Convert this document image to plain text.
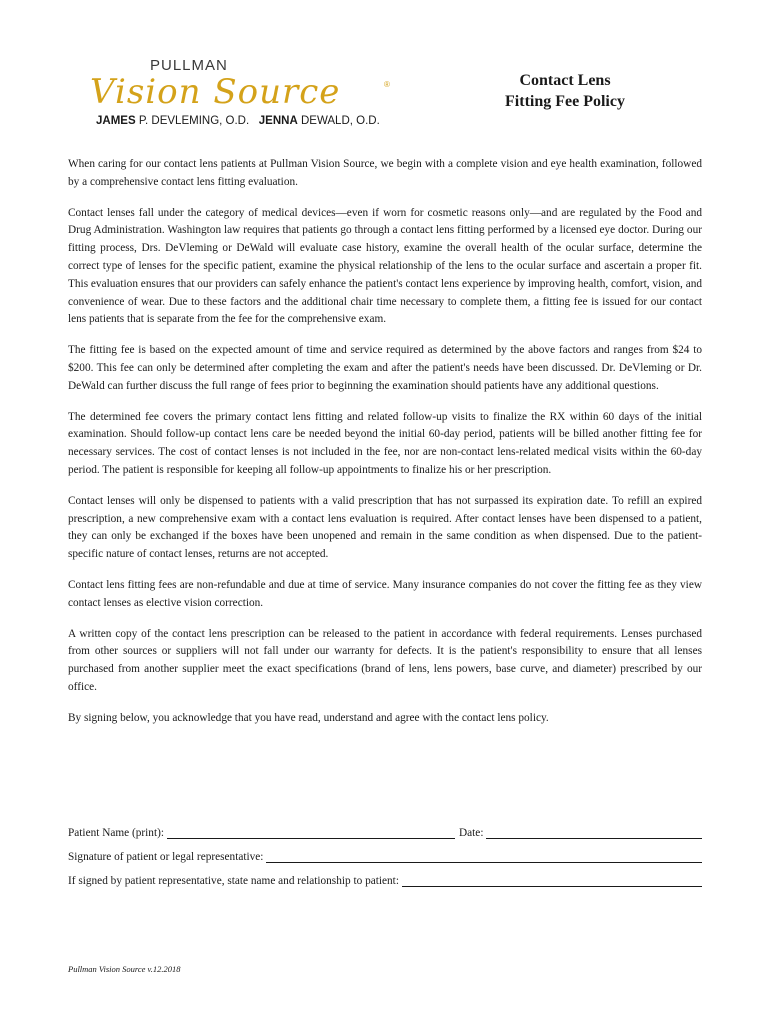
PULLMAN
Vision Source	®
JAMES P. DEVLEMING, O.D. JENNA DEWALD, O.D.
Contact Lens
Fitting Fee Policy

When caring for our contact lens patients at Pullman Vision Source, we begin with a complete vision and eye health examination, followed by a comprehensive contact lens fitting evaluation.

Contact lenses fall under the category of medical devices—even if worn for cosmetic reasons only—and are regulated by the Food and Drug Administration. Washington law requires that patients go through a contact lens fitting performed by a licensed eye doctor. During our fitting process, Drs. DeVleming or DeWald will evaluate case history, examine the overall health of the ocular surface, determine the correct type of lenses for the specific patient, examine the physical relationship of the lens to the ocular surface and ascertain a proper fit. This evaluation ensures that our providers can safely enhance the patient's contact lens experience by improving health, comfort, vision, and convenience of wear. Due to these factors and the additional chair time necessary to complete them, a fitting fee is issued for our contact lens patients that is separate from the fee for the comprehensive exam.

The fitting fee is based on the expected amount of time and service required as determined by the above factors and ranges from $24 to $200. This fee can only be determined after completing the exam and after the patient's needs have been discussed. Dr. DeVleming or Dr. DeWald can further discuss the full range of fees prior to beginning the examination should patients have any additional questions.

The determined fee covers the primary contact lens fitting and related follow-up visits to finalize the RX within 60 days of the initial examination. Should follow-up contact lens care be needed beyond the initial 60-day period, patients will be billed another fitting fee for necessary services. The cost of contact lenses is not included in the fee, nor are non-contact lens-related medical visits within the 60-day period. The patient is responsible for keeping all follow-up appointments to finalize his or her prescription.

Contact lenses will only be dispensed to patients with a valid prescription that has not surpassed its expiration date. To refill an expired prescription, a new comprehensive exam with a contact lens evaluation is required. After contact lenses have been dispensed to a patient, they can only be exchanged if the boxes have been unopened and remain in the same condition as when dispensed. Due to the patient-specific nature of contact lenses, returns are not accepted.

Contact lens fitting fees are non-refundable and due at time of service. Many insurance companies do not cover the fitting fee as they view contact lenses as elective vision correction.

A written copy of the contact lens prescription can be released to the patient in accordance with federal requirements. Lenses purchased from other sources or suppliers will not fall under our warranty for defects. It is the patient's responsibility to ensure that all lenses purchased from another supplier meet the exact specifications (brand of lens, lens powers, base curve, and diameter) prescribed by our office.

By signing below, you acknowledge that you have read, understand and agree with the contact lens policy.

Patient Name (print):	Date:
Signature of patient or legal representative:
If signed by patient representative, state name and relationship to patient:
Pullman Vision Source v.12.2018
